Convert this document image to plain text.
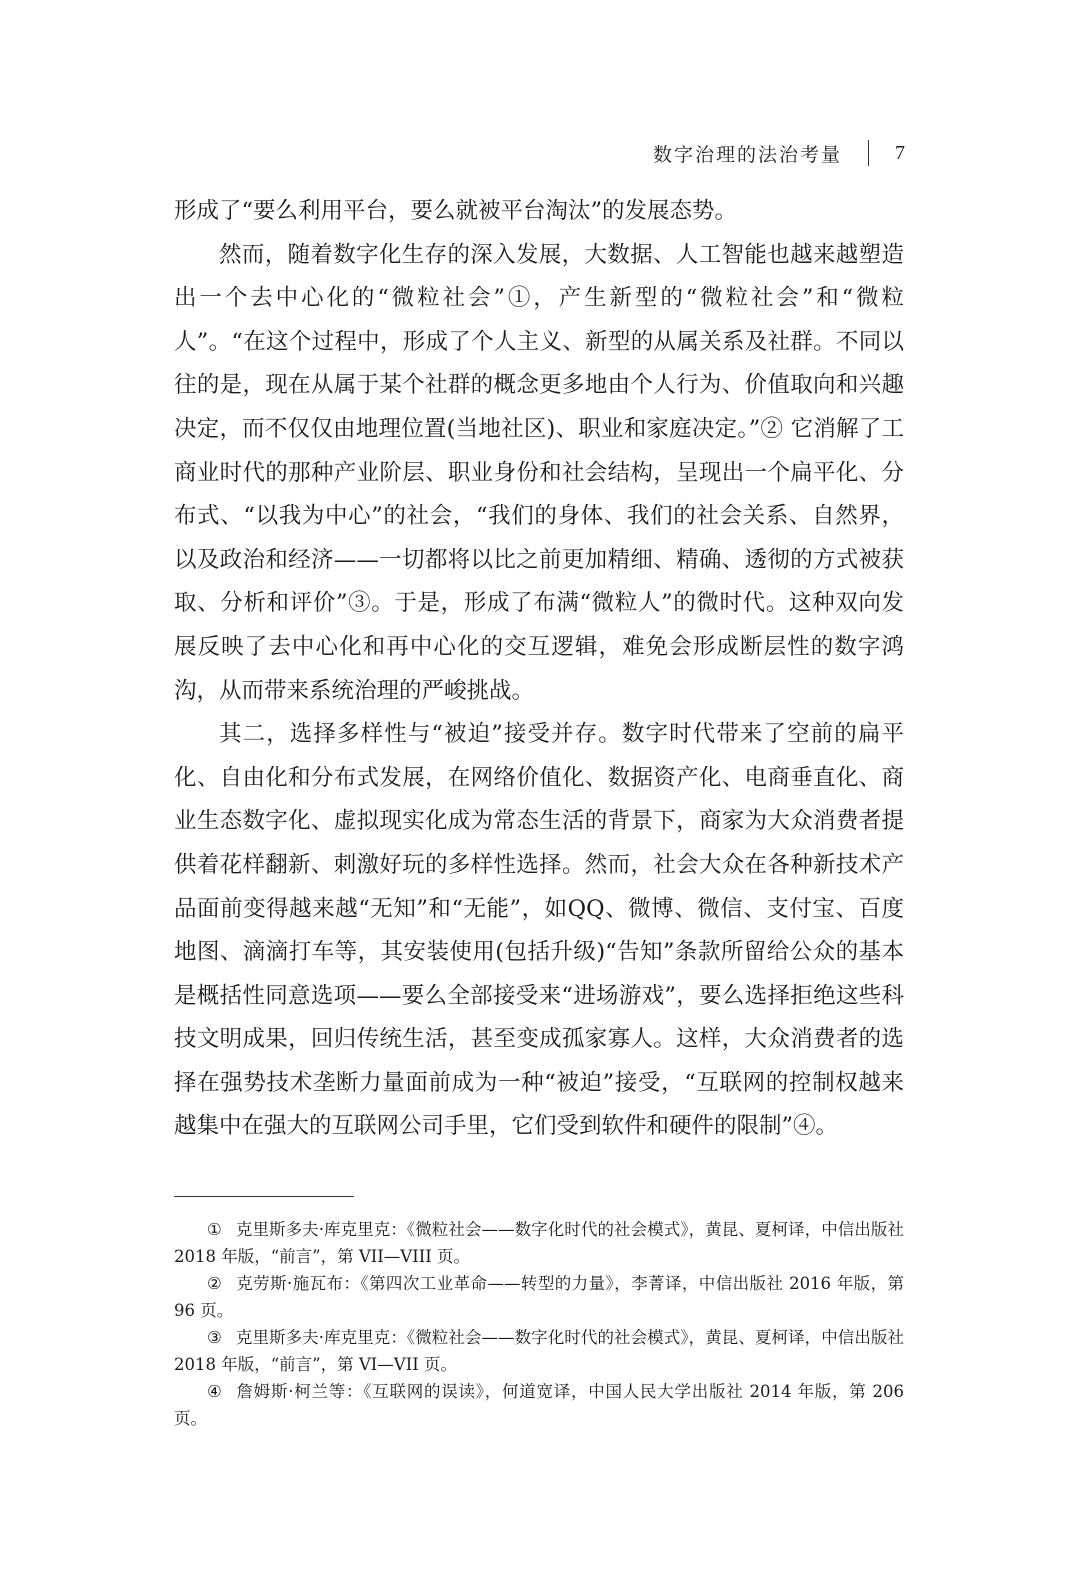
数字治理的法治考量	7

形成了“要么利用平台，要么就被平台淘汰”的发展态势。

然而，随着数字化生存的深入发展，大数据、人工智能也越来越塑造出一个去中心化的“微粒社会”①，产生新型的“微粒社会”和“微粒人”。“在这个过程中，形成了个人主义、新型的从属关系及社群。不同以往的是，现在从属于某个社群的概念更多地由个人行为、价值取向和兴趣决定，而不仅仅由地理位置(当地社区)、职业和家庭决定。”② 它消解了工商业时代的那种产业阶层、职业身份和社会结构，呈现出一个扁平化、分布式、“以我为中心”的社会，“我们的身体、我们的社会关系、自然界，以及政治和经济——一切都将以比之前更加精细、精确、透彻的方式被获取、分析和评价”③。于是，形成了布满“微粒人”的微时代。这种双向发展反映了去中心化和再中心化的交互逻辑，难免会形成断层性的数字鸿沟，从而带来系统治理的严峻挑战。

其二，选择多样性与“被迫”接受并存。数字时代带来了空前的扁平化、自由化和分布式发展，在网络价值化、数据资产化、电商垂直化、商业生态数字化、虚拟现实化成为常态生活的背景下，商家为大众消费者提供着花样翻新、刺激好玩的多样性选择。然而，社会大众在各种新技术产品面前变得越来越“无知”和“无能”，如QQ、微博、微信、支付宝、百度地图、滴滴打车等，其安装使用(包括升级)“告知”条款所留给公众的基本是概括性同意选项——要么全部接受来“进场游戏”，要么选择拒绝这些科技文明成果，回归传统生活，甚至变成孤家寡人。这样，大众消费者的选择在强势技术垄断力量面前成为一种“被迫”接受，“互联网的控制权越来越集中在强大的互联网公司手里，它们受到软件和硬件的限制”④。

① 克里斯多夫·库克里克：《微粒社会——数字化时代的社会模式》，黄昆、夏柯译，中信出版社 2018 年版，“前言”，第 VII—VIII 页。

② 克劳斯·施瓦布：《第四次工业革命——转型的力量》，李菁译，中信出版社 2016 年版，第 96 页。

③ 克里斯多夫·库克里克：《微粒社会——数字化时代的社会模式》，黄昆、夏柯译，中信出版社 2018 年版，“前言”，第 VI—VII 页。

④ 詹姆斯·柯兰等：《互联网的误读》，何道宽译，中国人民大学出版社 2014 年版，第 206 页。
